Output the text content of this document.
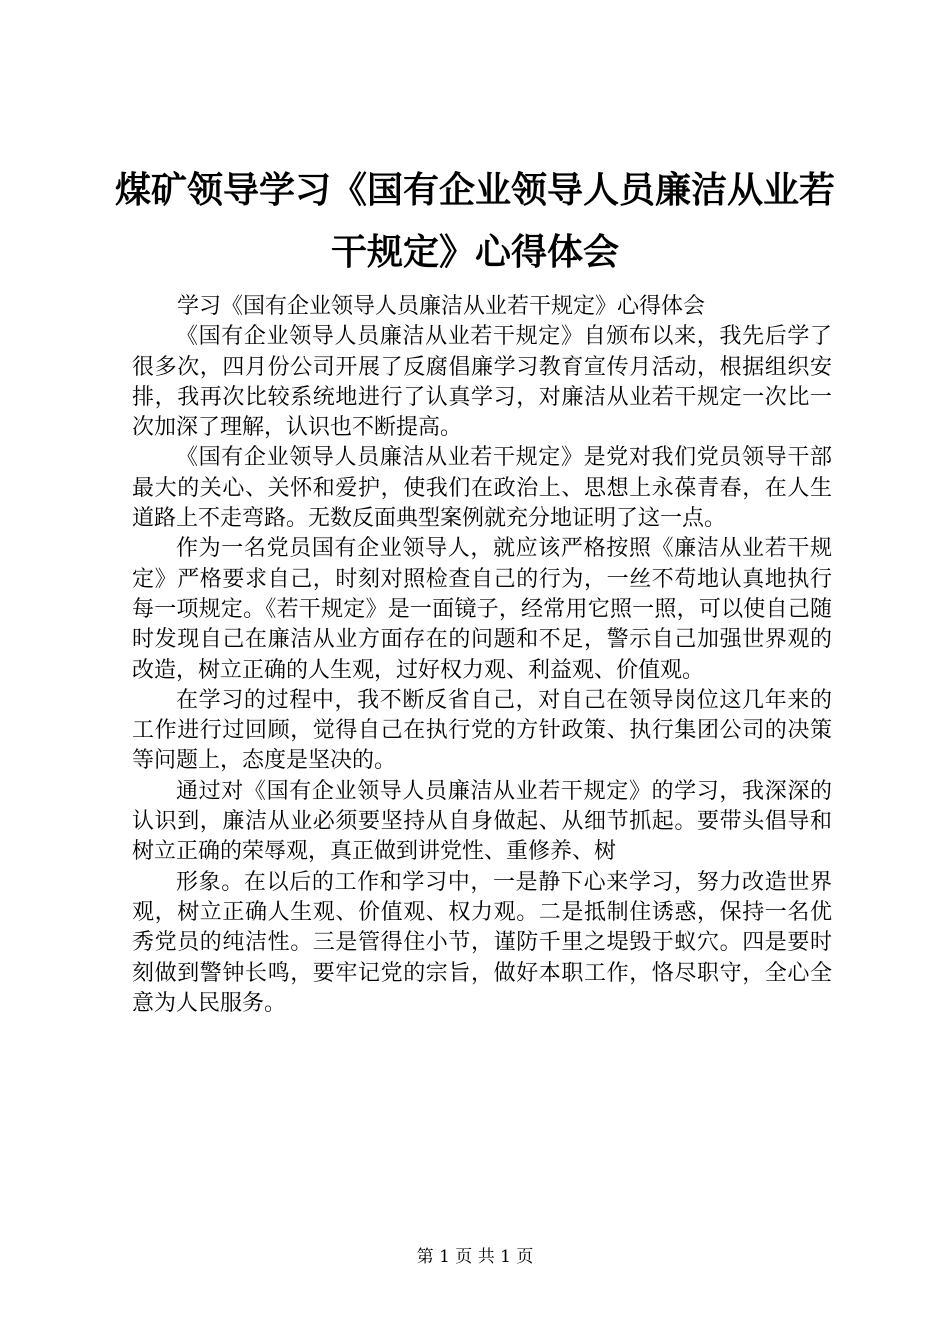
煤矿领导学习《国有企业领导人员廉洁从业若干规定》心得体会

学习《国有企业领导人员廉洁从业若干规定》心得体会

《国有企业领导人员廉洁从业若干规定》自颁布以来，我先后学了很多次，四月份公司开展了反腐倡廉学习教育宣传月活动，根据组织安排，我再次比较系统地进行了认真学习，对廉洁从业若干规定一次比一次加深了理解，认识也不断提高。

《国有企业领导人员廉洁从业若干规定》是党对我们党员领导干部最大的关心、关怀和爱护，使我们在政治上、思想上永葆青春，在人生道路上不走弯路。无数反面典型案例就充分地证明了这一点。

作为一名党员国有企业领导人，就应该严格按照《廉洁从业若干规定》严格要求自己，时刻对照检查自己的行为，一丝不苟地认真地执行每一项规定。《若干规定》是一面镜子，经常用它照一照，可以使自己随时发现自己在廉洁从业方面存在的问题和不足，警示自己加强世界观的改造，树立正确的人生观，过好权力观、利益观、价值观。

在学习的过程中，我不断反省自己，对自己在领导岗位这几年来的工作进行过回顾，觉得自己在执行党的方针政策、执行集团公司的决策等问题上，态度是坚决的。

通过对《国有企业领导人员廉洁从业若干规定》的学习，我深深的认识到，廉洁从业必须要坚持从自身做起、从细节抓起。要带头倡导和树立正确的荣辱观，真正做到讲党性、重修养、树

形象。在以后的工作和学习中，一是静下心来学习，努力改造世界观，树立正确人生观、价值观、权力观。二是抵制住诱惑，保持一名优秀党员的纯洁性。三是管得住小节，谨防千里之堤毁于蚁穴。四是要时刻做到警钟长鸣，要牢记党的宗旨，做好本职工作，恪尽职守，全心全意为人民服务。

第 1 页 共 1 页
